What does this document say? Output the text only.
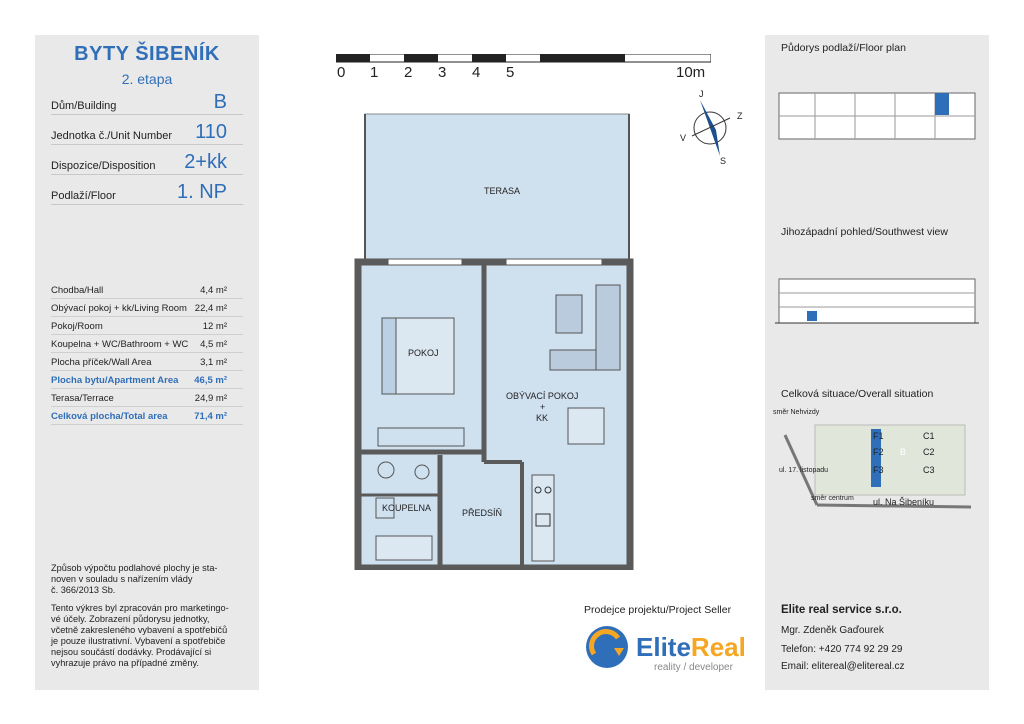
BYTY ŠIBENÍK
2. etapa
Dům/Building	B
Jednotka č./Unit Number 110
Dispozice/Disposition 2+kk
Podlaží/Floor	1. NP
Chodba/Hall	4,4 m²
Obývací pokoj + kk/Living Room 22,4 m²
Pokoj/Room	12 m²
Koupelna + WC/Bathroom + WC 4,5 m²
Plocha příček/Wall Area	3,1 m²
Plocha bytu/Apartment Area 46,5 m²
Terasa/Terrace	24,9 m²
Celková plocha/Total area	71,4 m²
Způsob výpočtu podlahové plochy je sta-
noven v souladu s nařízením vlády
č. 366/2013 Sb.
Tento výkres byl zpracován pro marketingo-
vé účely. Zobrazení půdorysu jednotky,
včetně zakresleného vybavení a spotřebičů
je pouze ilustrativní. Vybavení a spotřebiče
nejsou součástí dodávky. Prodávající si
vyhrazuje právo na případné změny.
0 1 2 3 4 5	10m
J
Z
S
V
TERASA
POKOJ
OBÝVACÍ POKOJ
+
KK
KOUPELNA	PŘEDSÍŇ
Půdorys podlaží/Floor plan
Jihozápadní pohled/Southwest view
Celková situace/Overall situation
F1
F2
F3
B
C1
C2
C3
ul. Na Šibeníku
ul. 17. listopadu
směr Nehvizdy
směr centrum
Prodejce projektu/Project Seller
EliteReal
reality / developer
Elite real service s.r.o.
Mgr. Zdeněk Gaďourek
Telefon: +420 774 92 29 29
Email: elitereal@elitereal.cz
